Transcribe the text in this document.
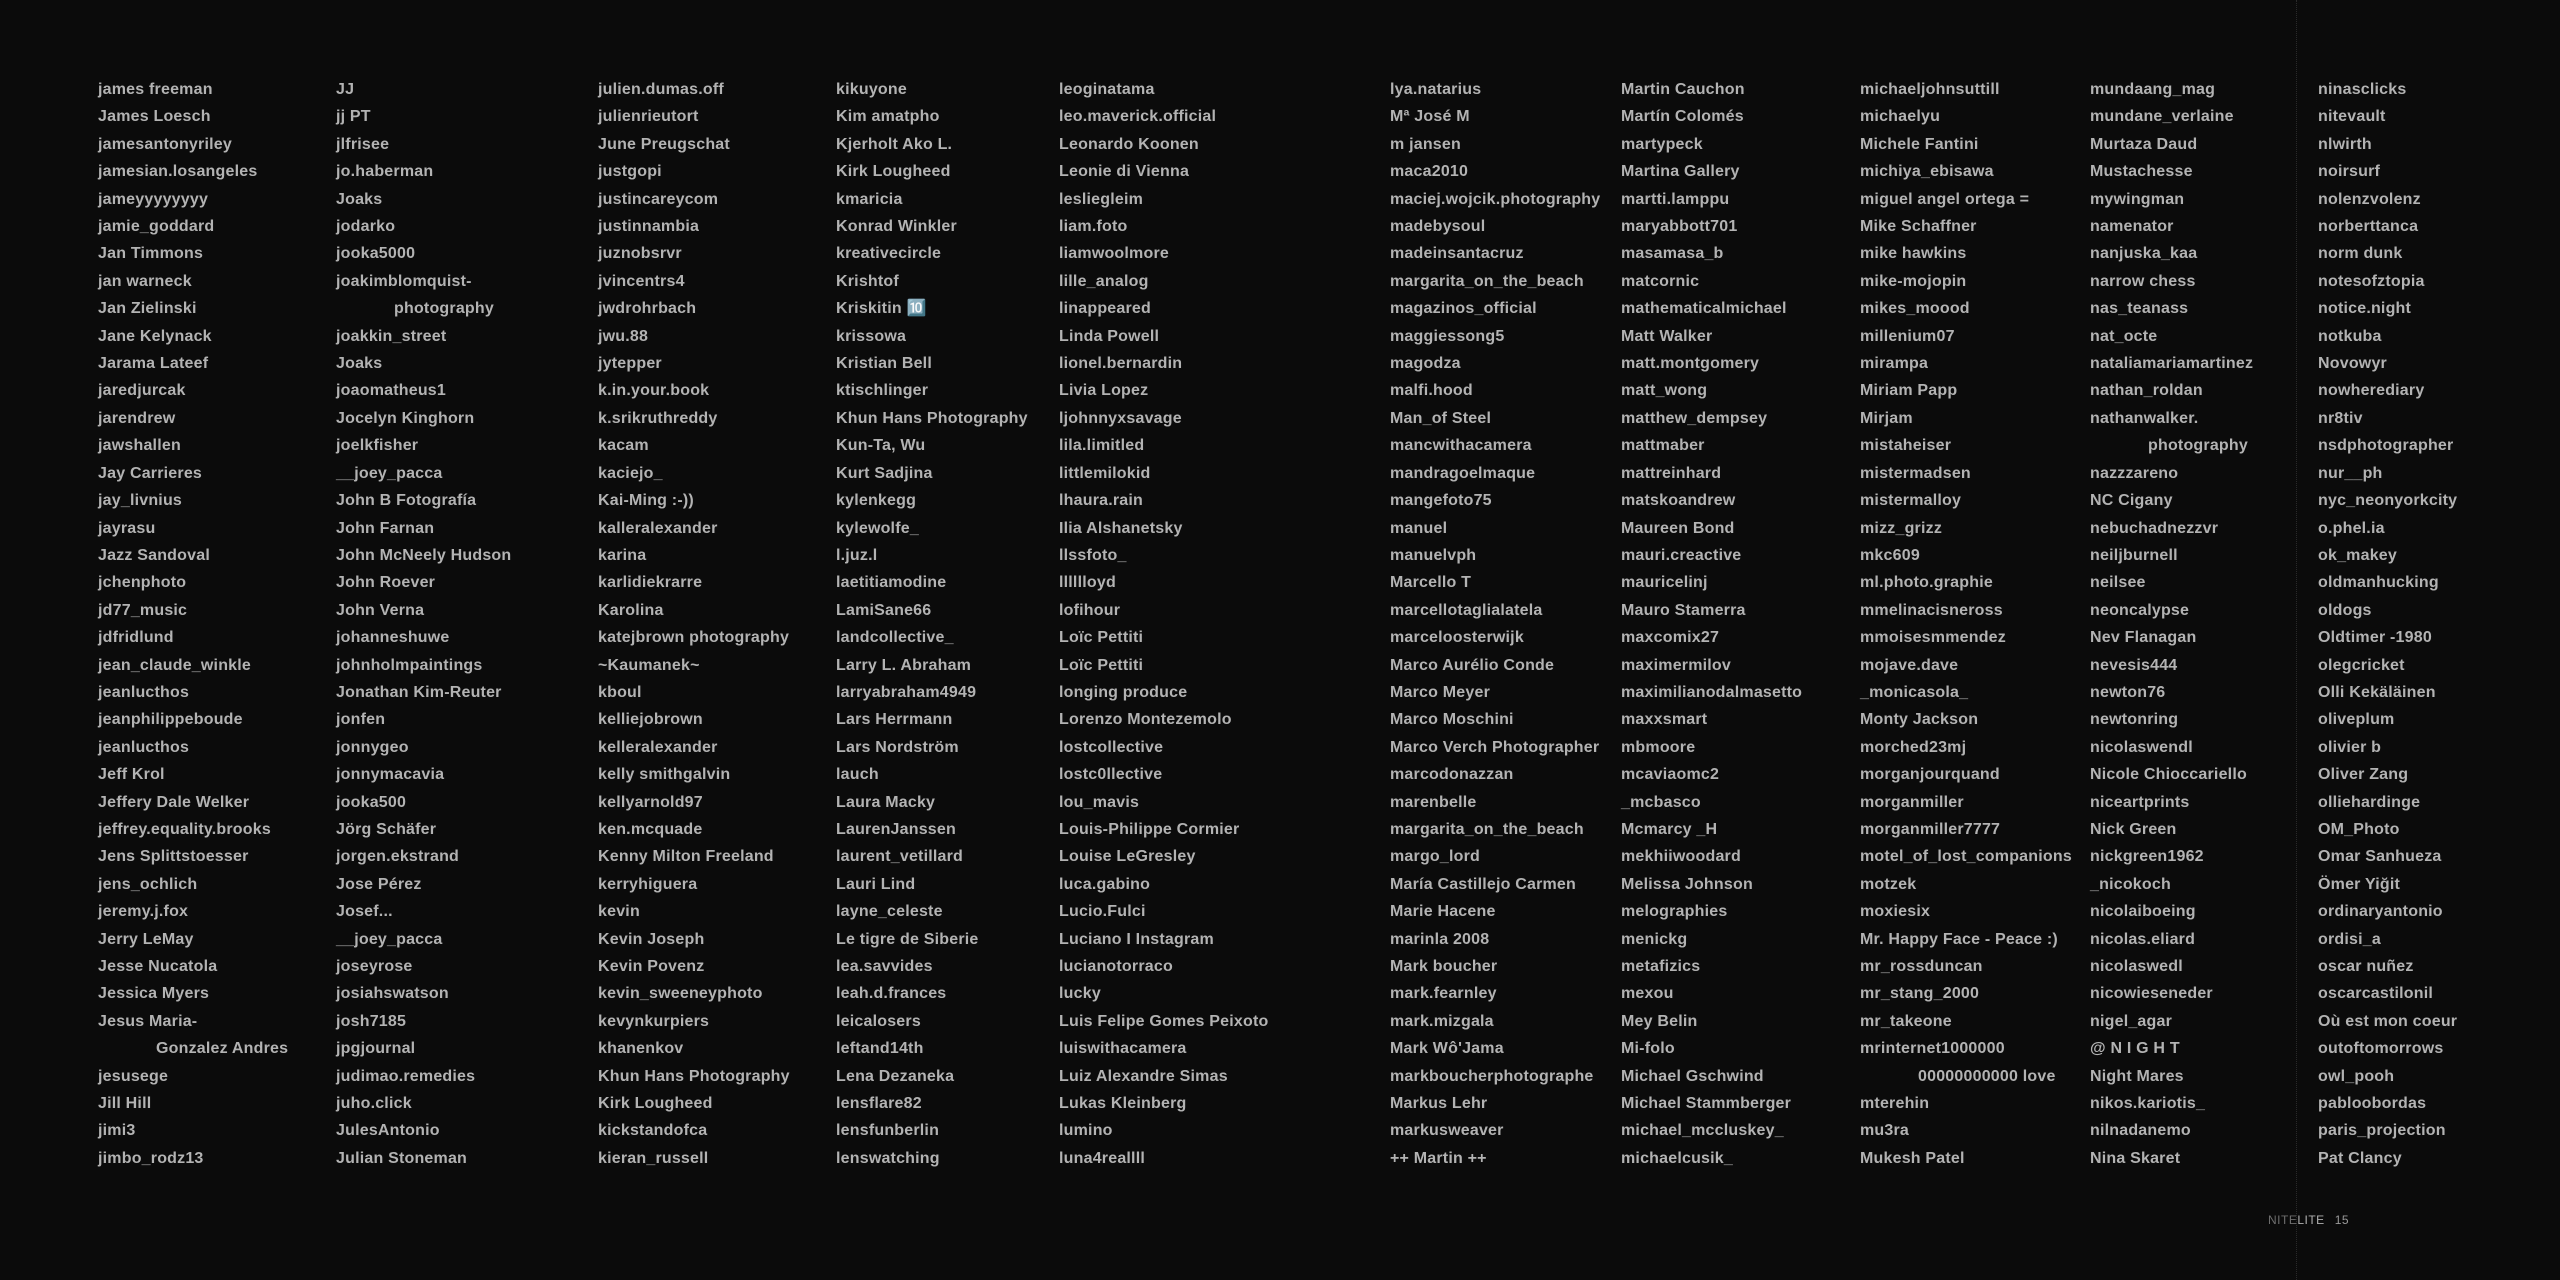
james freeman
James Loesch
jamesantonyriley
jamesian.losangeles
jameyyyyyyyy
jamie_goddard
Jan Timmons
jan warneck
Jan Zielinski
Jane Kelynack
Jarama Lateef
jaredjurcak
jarendrew
jawshallen
Jay Carrieres
jay_livnius
jayrasu
Jazz Sandoval
jchenphoto
jd77_music
jdfridlund
jean_claude_winkle
jeanlucthos
jeanphilippeboude
jeanlucthos
Jeff Krol
Jeffery Dale Welker
jeffrey.equality.brooks
Jens Splittstoesser
jens_ochlich
jeremy.j.fox
Jerry LeMay
Jesse Nucatola
Jessica Myers
Jesus Maria-
Gonzalez Andres
jesusege
Jill Hill
jimi3
jimbo_rodz13
JJ
jj PT
jlfrisee
jo.haberman
Joaks
jodarko
jooka5000
joakimblomquist-
photography
joakkin_street
Joaks
joaomatheus1
Jocelyn Kinghorn
joelkfisher
__joey_pacca
John B Fotografía
John Farnan
John McNeely Hudson
John Roever
John Verna
johanneshuwe
johnholmpaintings
Jonathan Kim-Reuter
jonfen
jonnygeo
jonnymacavia
jooka500
Jörg Schäfer
jorgen.ekstrand
Jose Pérez
Josef...
__joey_pacca
joseyrose
josiahswatson
josh7185
jpgjournal
judimao.remedies
juho.click
JulesAntonio
Julian Stoneman
julien.dumas.off
julienrieutort
June Preugschat
justgopi
justincareycom
justinnambia
juznobsrvr
jvincentrs4
jwdrohrbach
jwu.88
jytepper
k.in.your.book
k.srikruthreddy
kacam
kaciejo_
Kai-Ming :-))
kalleralexander
karina
karlidiekrarre
Karolina
katejbrown photography
~Kaumanek~
kboul
kelliejobrown
kelleralexander
kelly smithgalvin
kellyarnold97
ken.mcquade
Kenny Milton Freeland
kerryhiguera
kevin
Kevin Joseph
Kevin Povenz
kevin_sweeneyphoto
kevynkurpiers
khanenkov
Khun Hans Photography
Kirk Lougheed
kickstandofca
kieran_russell
kikuyone
Kim amatpho
Kjerholt Ako L.
Kirk Lougheed
kmaricia
Konrad Winkler
kreativecircle
Krishtof
Kriskitin 🔟
krissowa
Kristian Bell
ktischlinger
Khun Hans Photography
Kun-Ta, Wu
Kurt Sadjina
kylenkegg
kylewolfe_
l.juz.l
laetitiamodine
LamiSane66
landcollective_
Larry L. Abraham
larryabraham4949
Lars Herrmann
Lars Nordström
lauch
Laura Macky
LaurenJanssen
laurent_vetillard
Lauri Lind
layne_celeste
Le tigre de Siberie
lea.savvides
leah.d.frances
leicalosers
leftand14th
Lena Dezaneka
lensflare82
lensfunberlin
lenswatching
leoginatama
leo.maverick.official
Leonardo Koonen
Leonie di Vienna
lesliegleim
liam.foto
liamwoolmore
lille_analog
linappeared
Linda Powell
lionel.bernardin
Livia Lopez
ljohnnyxsavage
lila.limitled
littlemilokid
lhaura.rain
Ilia Alshanetsky
llssfoto_
lllllloyd
lofihour
Loïc Pettiti
Loïc Pettiti
longing produce
Lorenzo Montezemolo
lostcollective
lostc0llective
lou_mavis
Louis-Philippe Cormier
Louise LeGresley
luca.gabino
Lucio.Fulci
Luciano I Instagram
lucianotorraco
lucky
Luis Felipe Gomes Peixoto
luiswithacamera
Luiz Alexandre Simas
Lukas Kleinberg
lumino
luna4reallll
lya.natarius
Mª José M
m jansen
maca2010
maciej.wojcik.photography
madebysoul
madeinsantacruz
margarita_on_the_beach
magazinos_official
maggiessong5
magodza
malfi.hood
Man_of Steel
mancwithacamera
mandragoelmaque
mangefoto75
manuel
manuelvph
Marcello T
marcellotaglialatela
marceloosterwijk
Marco Aurélio Conde
Marco Meyer
Marco Moschini
Marco Verch Photographer
marcodonazzan
marenbelle
margarita_on_the_beach
margo_lord
María Castillejo Carmen
Marie Hacene
marinla 2008
Mark boucher
mark.fearnley
mark.mizgala
Mark Wô'Jama
markboucherphotographe
Markus Lehr
markusweaver
++ Martin ++
Martin Cauchon
Martín Colomés
martypeck
Martina Gallery
martti.lamppu
maryabbott701
masamasa_b
matcornic
mathematicalmichael
Matt Walker
matt.montgomery
matt_wong
matthew_dempsey
mattmaber
mattreinhard
matskoandrew
Maureen Bond
mauri.creactive
mauricelinj
Mauro Stamerra
maxcomix27
maximermilov
maximilianodalmasetto
maxxsmart
mbmoore
mcaviaomc2
_mcbasco
Mcmarcy _H
mekhiiwoodard
Melissa Johnson
melographies
menickg
metafizics
mexou
Mey Belin
Mi-folo
Michael Gschwind
Michael Stammberger
michael_mccluskey_
michaelcusik_
michaeljohnsuttill
michaelyu
Michele Fantini
michiya_ebisawa
miguel angel ortega =
Mike Schaffner
mike hawkins
mike-mojopin
mikes_moood
millenium07
mirampa
Miriam Papp
Mirjam
mistaheiser
mistermadsen
mistermalloy
mizz_grizz
mkc609
ml.photo.graphie
mmelinacisneross
mmoisesmmendez
mojave.dave
_monicasola_
Monty Jackson
morched23mj
morganjourquand
morganmiller
morganmiller7777
motel_of_lost_companions
motzek
moxiesix
Mr. Happy Face - Peace :)
mr_rossduncan
mr_stang_2000
mr_takeone
mrinternet1000000
00000000000 love
mterehin
mu3ra
Mukesh Patel
mundaang_mag
mundane_verlaine
Murtaza Daud
Mustachesse
mywingman
namenator
nanjuska_kaa
narrow chess
nas_teanass
nat_octe
nataliamariamartinez
nathan_roldan
nathanwalker.
photography
nazzzareno
NC Cigany
nebuchadnezzvr
neiljburnell
neilsee
neoncalypse
Nev Flanagan
nevesis444
newton76
newtonring
nicolaswendl
Nicole Chioccariello
niceartprints
Nick Green
nickgreen1962
_nicokoch
nicolaiboeing
nicolas.eliard
nicolaswedl
nicowieseneder
nigel_agar
@ N I G H T
Night Mares
nikos.kariotis_
nilnadanemo
Nina Skaret
ninasclicks
nitevault
nlwirth
noirsurf
nolenzvolenz
norberttanca
norm dunk
notesofztopia
notice.night
notkuba
Novowyr
nowherediary
nr8tiv
nsdphotographer
nur__ph
nyc_neonyorkcity
o.phel.ia
ok_makey
oldmanhucking
oldogs
Oldtimer -1980
olegcricket
Olli Kekäläinen
oliveplum
olivier b
Oliver Zang
olliehardinge
OM_Photo
Omar Sanhueza
Ömer Yiğit
ordinaryantonio
ordisi_a
oscar nuñez
oscarcastilonil
Où est mon coeur
outoftomorrows
owl_pooh
pabloobordas
paris_projection
Pat Clancy
NITELITE 15
